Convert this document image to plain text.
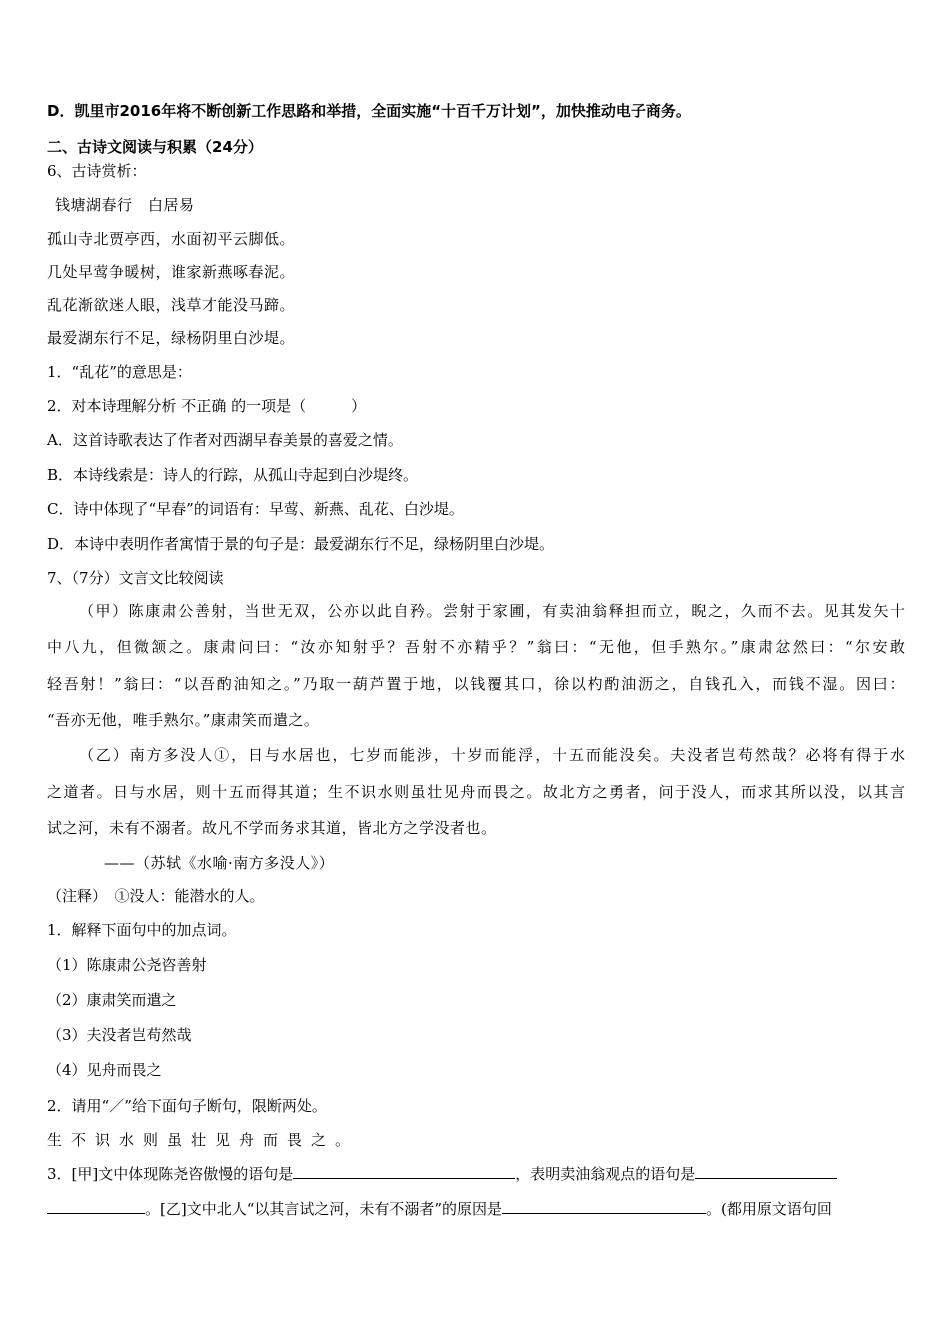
D．凯里市2016年将不断创新工作思路和举措，全面实施“十百千万计划”，加快推动电子商务。
二、古诗文阅读与积累（24分）
6、古诗赏析：
钱塘湖春行　白居易
孤山寺北贾亭西，水面初平云脚低。
几处早莺争暖树，谁家新燕啄春泥。
乱花渐欲迷人眼，浅草才能没马蹄。
最爱湖东行不足，绿杨阴里白沙堤。
1．“乱花”的意思是：
2．对本诗理解分析 不正确 的一项是（　　　）
A．这首诗歌表达了作者对西湖早春美景的喜爱之情。
B．本诗线索是：诗人的行踪，从孤山寺起到白沙堤终。
C．诗中体现了“早春”的词语有：早莺、新燕、乱花、白沙堤。
D．本诗中表明作者寓情于景的句子是：最爱湖东行不足，绿杨阴里白沙堤。
7、（7分）文言文比较阅读
（甲）陈康肃公善射，当世无双，公亦以此自矜。尝射于家圃，有卖油翁释担而立，睨之，久而不去。见其发矢十
中八九，但微颔之。康肃问曰：“汝亦知射乎？吾射不亦精乎？”翁曰：“无他，但手熟尔。”康肃忿然曰：“尔安敢
轻吾射！”翁曰：“以吾酌油知之。”乃取一葫芦置于地，以钱覆其口，徐以杓酌油沥之，自钱孔入，而钱不湿。因曰：
“吾亦无他，唯手熟尔。”康肃笑而遣之。
（乙）南方多没人①，日与水居也，七岁而能涉，十岁而能浮，十五而能没矣。夫没者岂苟然哉？必将有得于水
之道者。日与水居，则十五而得其道；生不识水则虽壮见舟而畏之。故北方之勇者，问于没人，而求其所以没，以其言
试之河，未有不溺者。故凡不学而务求其道，皆北方之学没者也。
——（苏轼《水喻·南方多没人》）
（注释）　①没人：能潜水的人。
1．解释下面句中的加点词。
（1）陈康肃公尧咨善射
（2）康肃笑而遣之
（3）夫没者岂苟然哉
（4）见舟而畏之
2．请用“／”给下面句子断句，限断两处。
生不识水则虽壮见舟而畏之。
3．[甲]文中体现陈尧咨傲慢的语句是	，表明卖油翁观点的语句是
。[乙]文中北人“以其言试之河，未有不溺者”的原因是	。(都用原文语句回
